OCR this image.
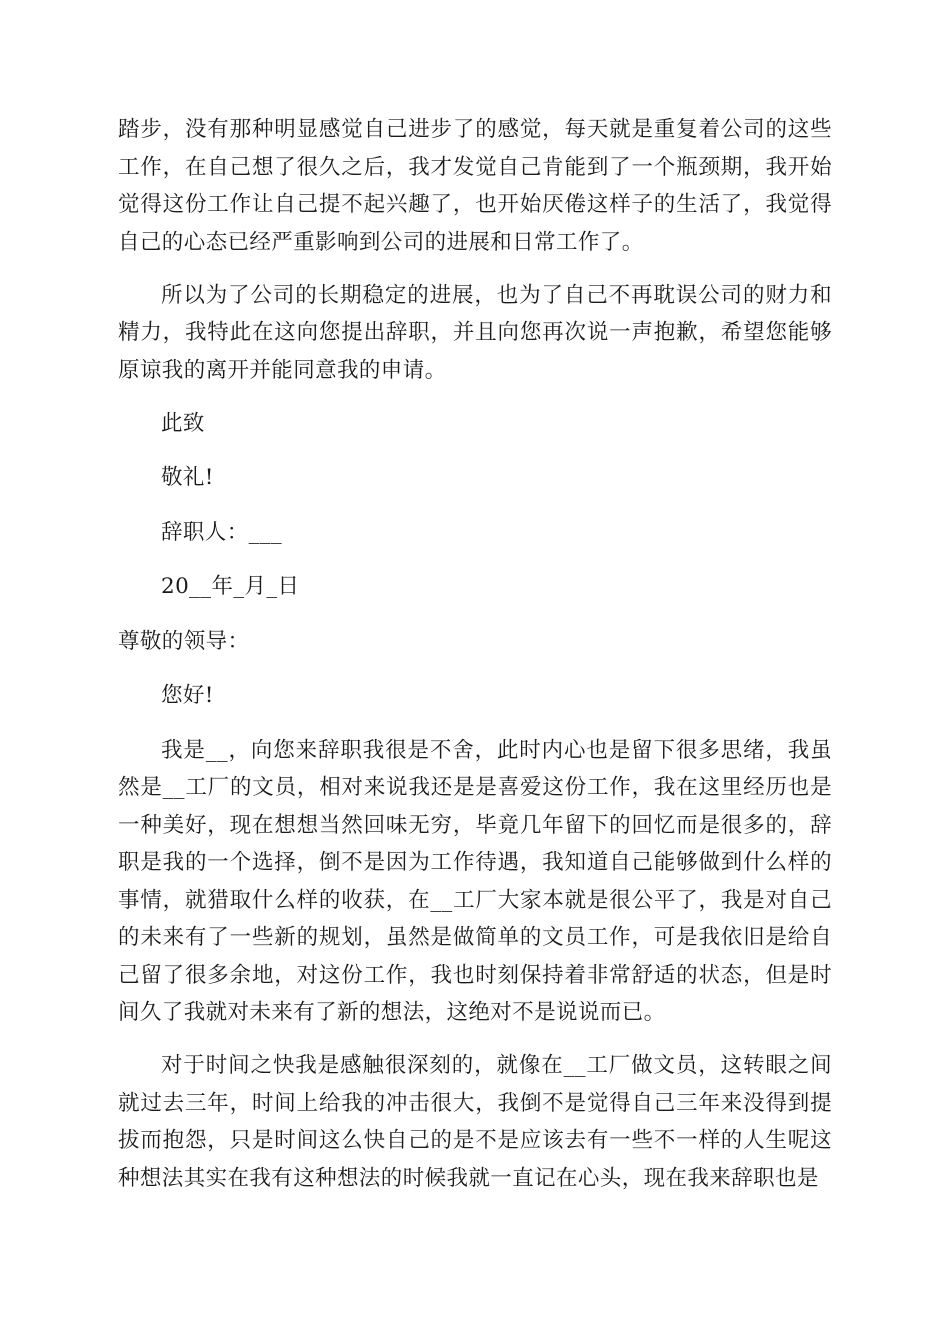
踏步，没有那种明显感觉自己进步了的感觉，每天就是重复着公司的这些工作，在自己想了很久之后，我才发觉自己肯能到了一个瓶颈期，我开始觉得这份工作让自己提不起兴趣了，也开始厌倦这样子的生活了，我觉得自己的心态已经严重影响到公司的进展和日常工作了。

所以为了公司的长期稳定的进展，也为了自己不再耽误公司的财力和精力，我特此在这向您提出辞职，并且向您再次说一声抱歉，希望您能够原谅我的离开并能同意我的申请。

此致

敬礼!

辞职人：___

20__年_月_日

尊敬的领导：

您好!

我是__，向您来辞职我很是不舍，此时内心也是留下很多思绪，我虽然是__工厂的文员，相对来说我还是是喜爱这份工作，我在这里经历也是一种美好，现在想想当然回味无穷，毕竟几年留下的回忆而是很多的，辞职是我的一个选择，倒不是因为工作待遇，我知道自己能够做到什么样的事情，就猎取什么样的收获，在__工厂大家本就是很公平了，我是对自己的未来有了一些新的规划，虽然是做简单的文员工作，可是我依旧是给自己留了很多余地，对这份工作，我也时刻保持着非常舒适的状态，但是时间久了我就对未来有了新的想法，这绝对不是说说而已。

对于时间之快我是感触很深刻的，就像在__工厂做文员，这转眼之间就过去三年，时间上给我的冲击很大，我倒不是觉得自己三年来没得到提拔而抱怨，只是时间这么快自己的是不是应该去有一些不一样的人生呢这种想法其实在我有这种想法的时候我就一直记在心头，现在我来辞职也是
